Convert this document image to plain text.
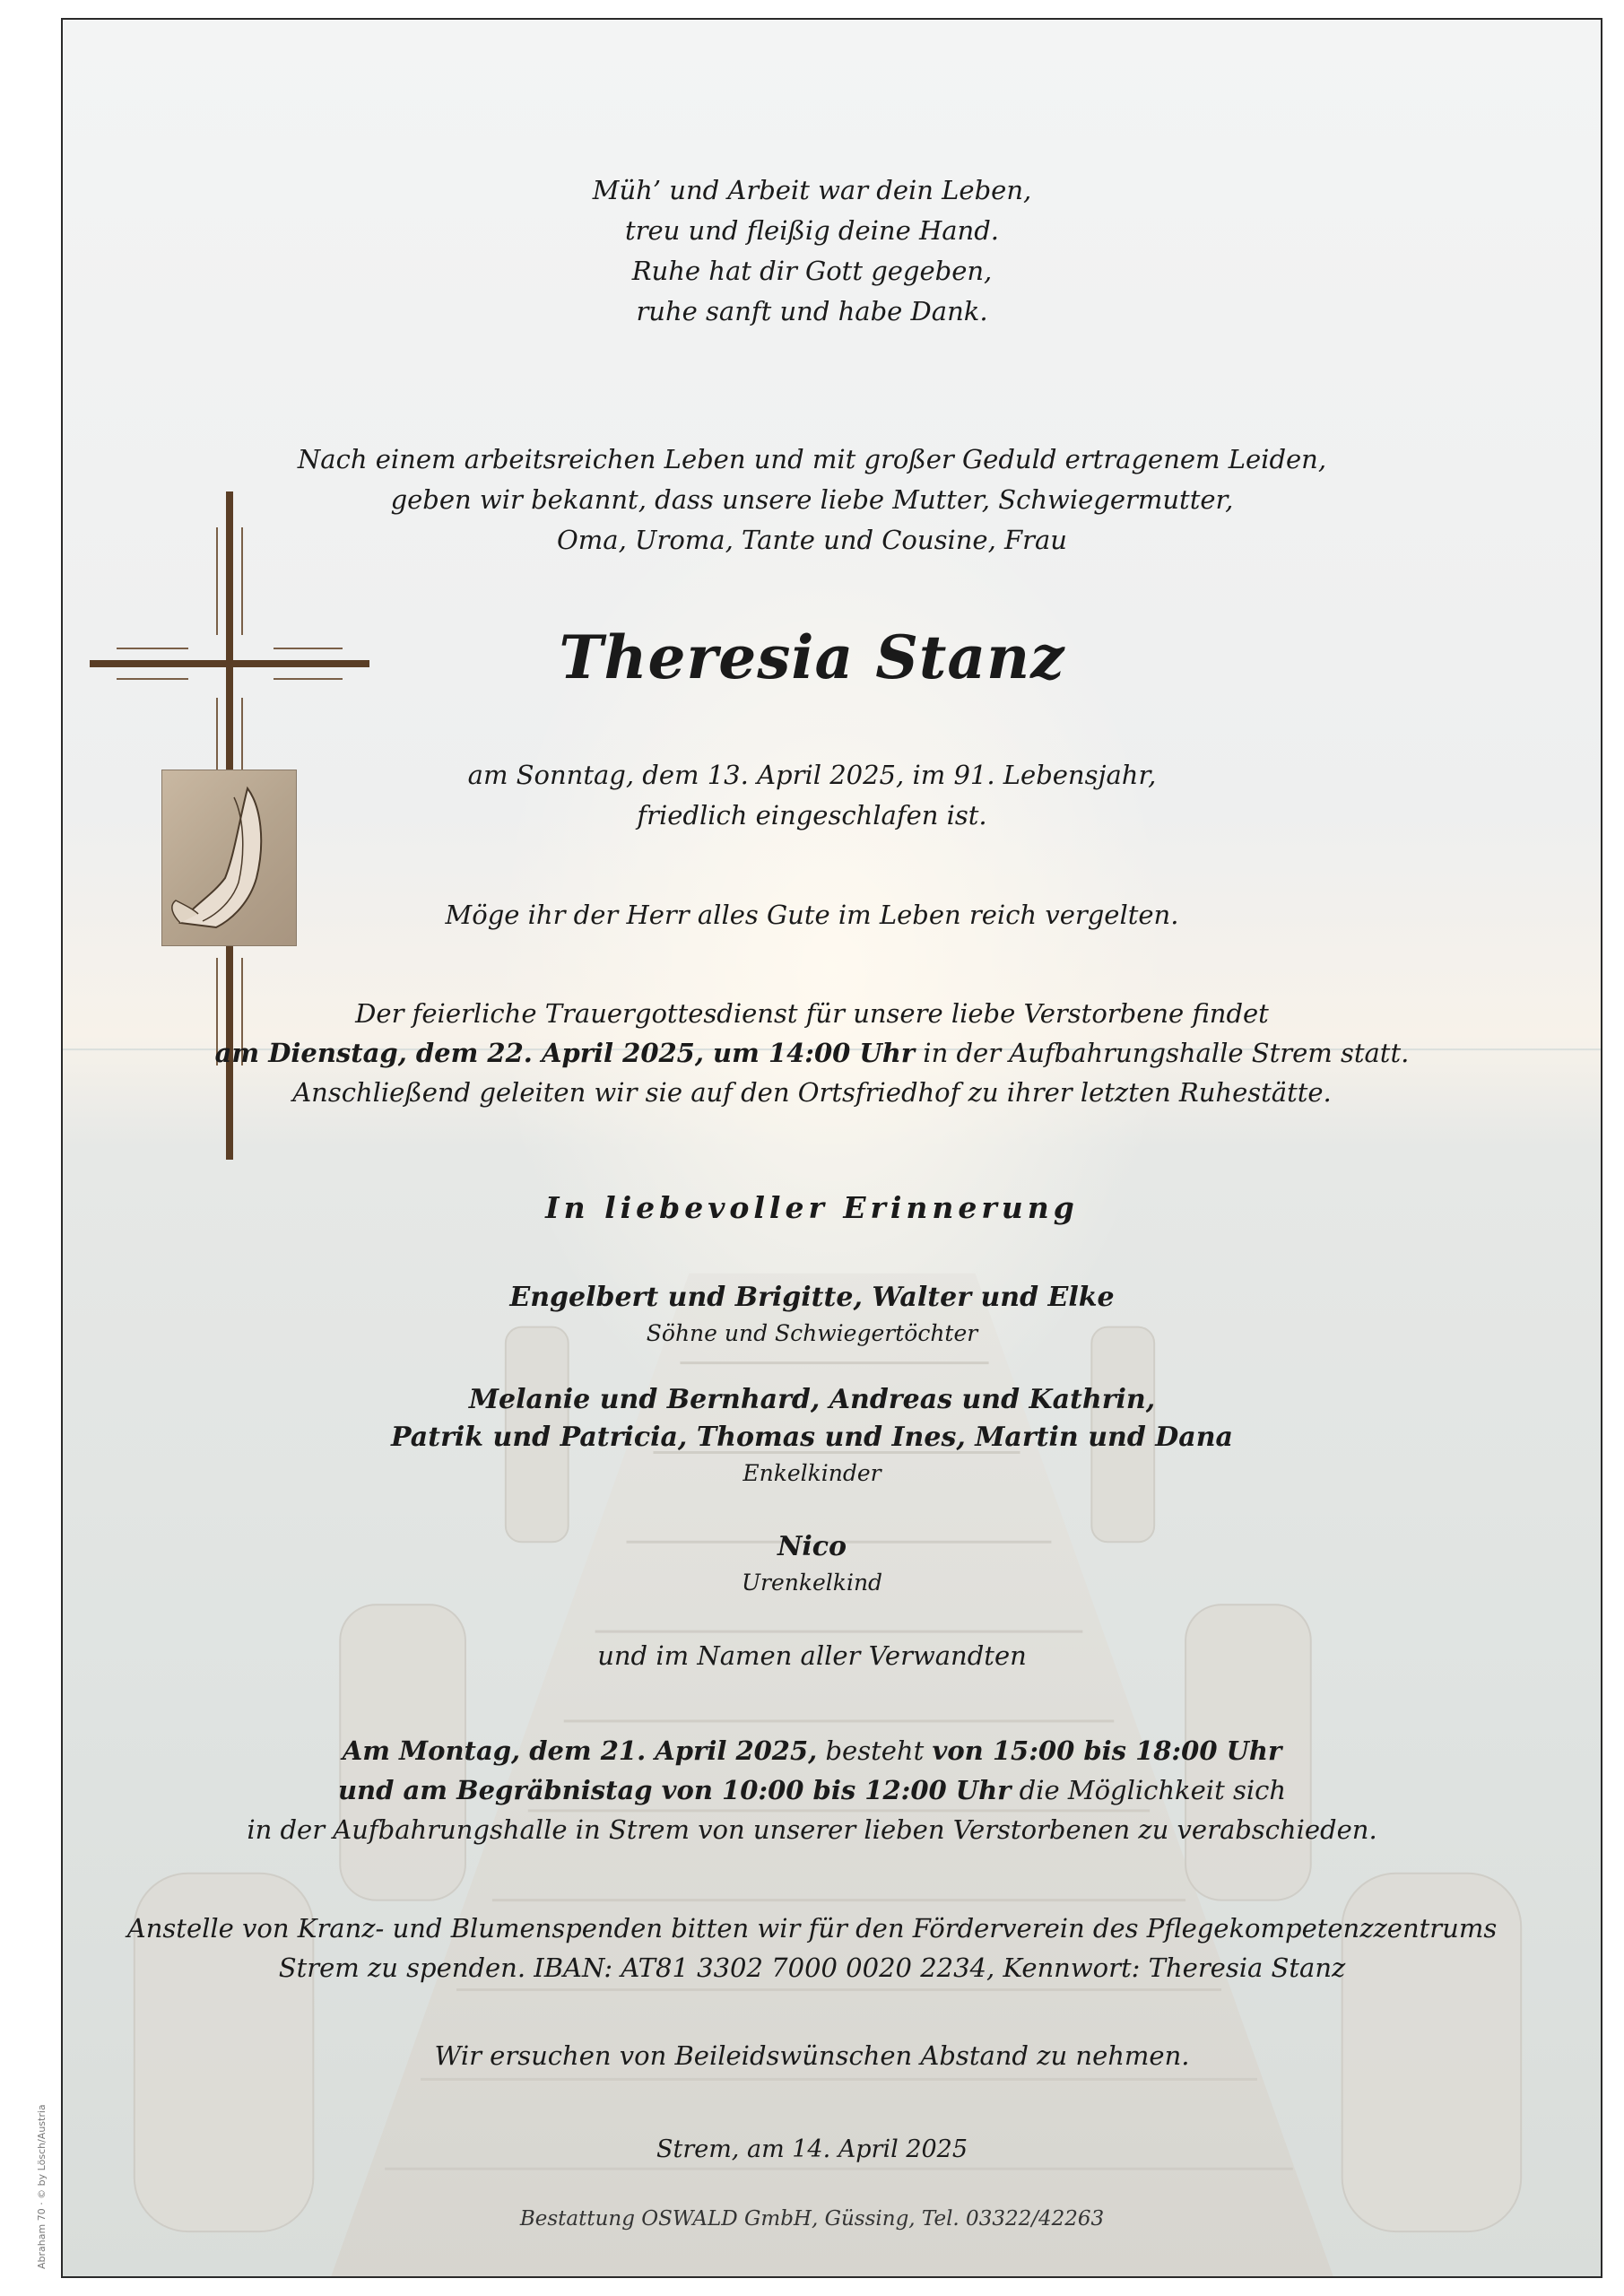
Müh’ und Arbeit war dein Leben,
treu und fleißig deine Hand.
Ruhe hat dir Gott gegeben,
ruhe sanft und habe Dank.
Nach einem arbeitsreichen Leben und mit großer Geduld ertragenem Leiden,
geben wir bekannt, dass unsere liebe Mutter, Schwiegermutter,
Oma, Uroma, Tante und Cousine, Frau
Theresia Stanz
am Sonntag, dem 13. April 2025, im 91. Lebensjahr,
friedlich eingeschlafen ist.
Möge ihr der Herr alles Gute im Leben reich vergelten.
Der feierliche Trauergottesdienst für unsere liebe Verstorbene findet
am Dienstag, dem 22. April 2025, um 14:00 Uhr in der Aufbahrungshalle Strem statt.
Anschließend geleiten wir sie auf den Ortsfriedhof zu ihrer letzten Ruhestätte.
In liebevoller Erinnerung
Engelbert und Brigitte, Walter und Elke
Söhne und Schwiegertöchter
Melanie und Bernhard, Andreas und Kathrin,
Patrik und Patricia, Thomas und Ines, Martin und Dana
Enkelkinder
Nico
Urenkelkind
und im Namen aller Verwandten
Am Montag, dem 21. April 2025, besteht von 15:00 bis 18:00 Uhr
und am Begräbnistag von 10:00 bis 12:00 Uhr die Möglichkeit sich
in der Aufbahrungshalle in Strem von unserer lieben Verstorbenen zu verabschieden.
Anstelle von Kranz- und Blumenspenden bitten wir für den Förderverein des Pflegekompetenzzentrums
Strem zu spenden. IBAN: AT81 3302 7000 0020 2234, Kennwort: Theresia Stanz
Wir ersuchen von Beileidswünschen Abstand zu nehmen.
Strem, am 14. April 2025
Bestattung OSWALD GmbH, Güssing, Tel. 03322/42263
Abraham 70 · © by Lösch/Austria
